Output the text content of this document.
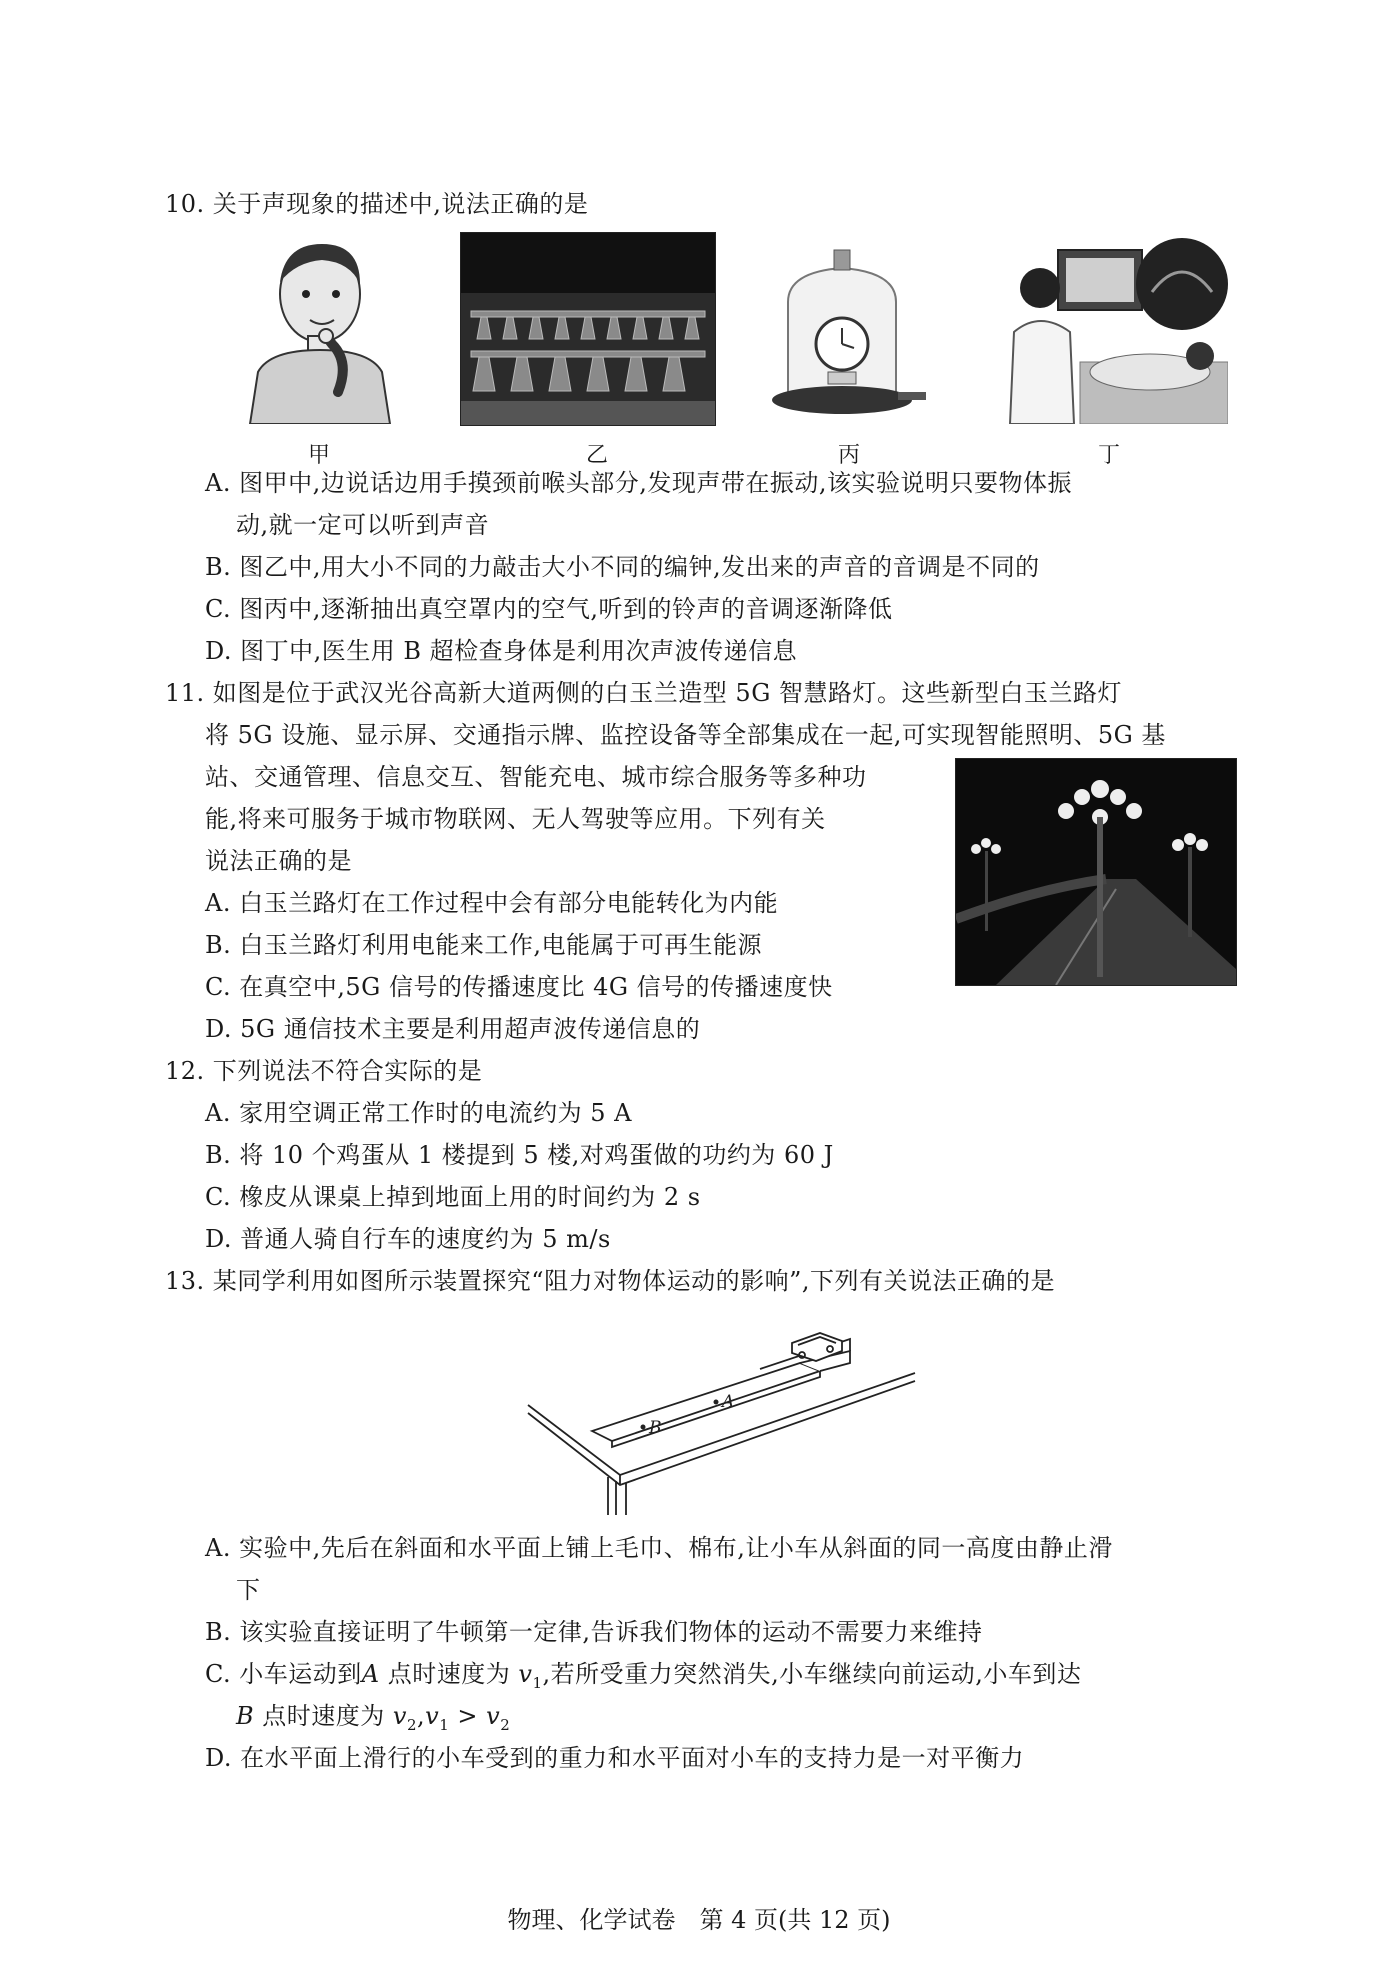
10. 关于声现象的描述中,说法正确的是
甲	乙	丙	丁
A. 图甲中,边说话边用手摸颈前喉头部分,发现声带在振动,该实验说明只要物体振
动,就一定可以听到声音
B. 图乙中,用大小不同的力敲击大小不同的编钟,发出来的声音的音调是不同的
C. 图丙中,逐渐抽出真空罩内的空气,听到的铃声的音调逐渐降低
D. 图丁中,医生用 B 超检查身体是利用次声波传递信息
11. 如图是位于武汉光谷高新大道两侧的白玉兰造型 5G 智慧路灯。这些新型白玉兰路灯
将 5G 设施、显示屏、交通指示牌、监控设备等全部集成在一起,可实现智能照明、5G 基
站、交通管理、信息交互、智能充电、城市综合服务等多种功
能,将来可服务于城市物联网、无人驾驶等应用。下列有关
说法正确的是
A. 白玉兰路灯在工作过程中会有部分电能转化为内能
B. 白玉兰路灯利用电能来工作,电能属于可再生能源
C. 在真空中,5G 信号的传播速度比 4G 信号的传播速度快
D. 5G 通信技术主要是利用超声波传递信息的
12. 下列说法不符合实际的是
A. 家用空调正常工作时的电流约为 5 A
B. 将 10 个鸡蛋从 1 楼提到 5 楼,对鸡蛋做的功约为 60 J
C. 橡皮从课桌上掉到地面上用的时间约为 2 s
D. 普通人骑自行车的速度约为 5 m/s
13. 某同学利用如图所示装置探究“阻力对物体运动的影响”,下列有关说法正确的是
A
B
A. 实验中,先后在斜面和水平面上铺上毛巾、棉布,让小车从斜面的同一高度由静止滑
下
B. 该实验直接证明了牛顿第一定律,告诉我们物体的运动不需要力来维持
C. 小车运动到A 点时速度为 $v_1$,若所受重力突然消失,小车继续向前运动,小车到达
B 点时速度为 $v_2,v_1 > v_2$
D. 在水平面上滑行的小车受到的重力和水平面对小车的支持力是一对平衡力
物理、化学试卷　第 4 页(共 12 页)
